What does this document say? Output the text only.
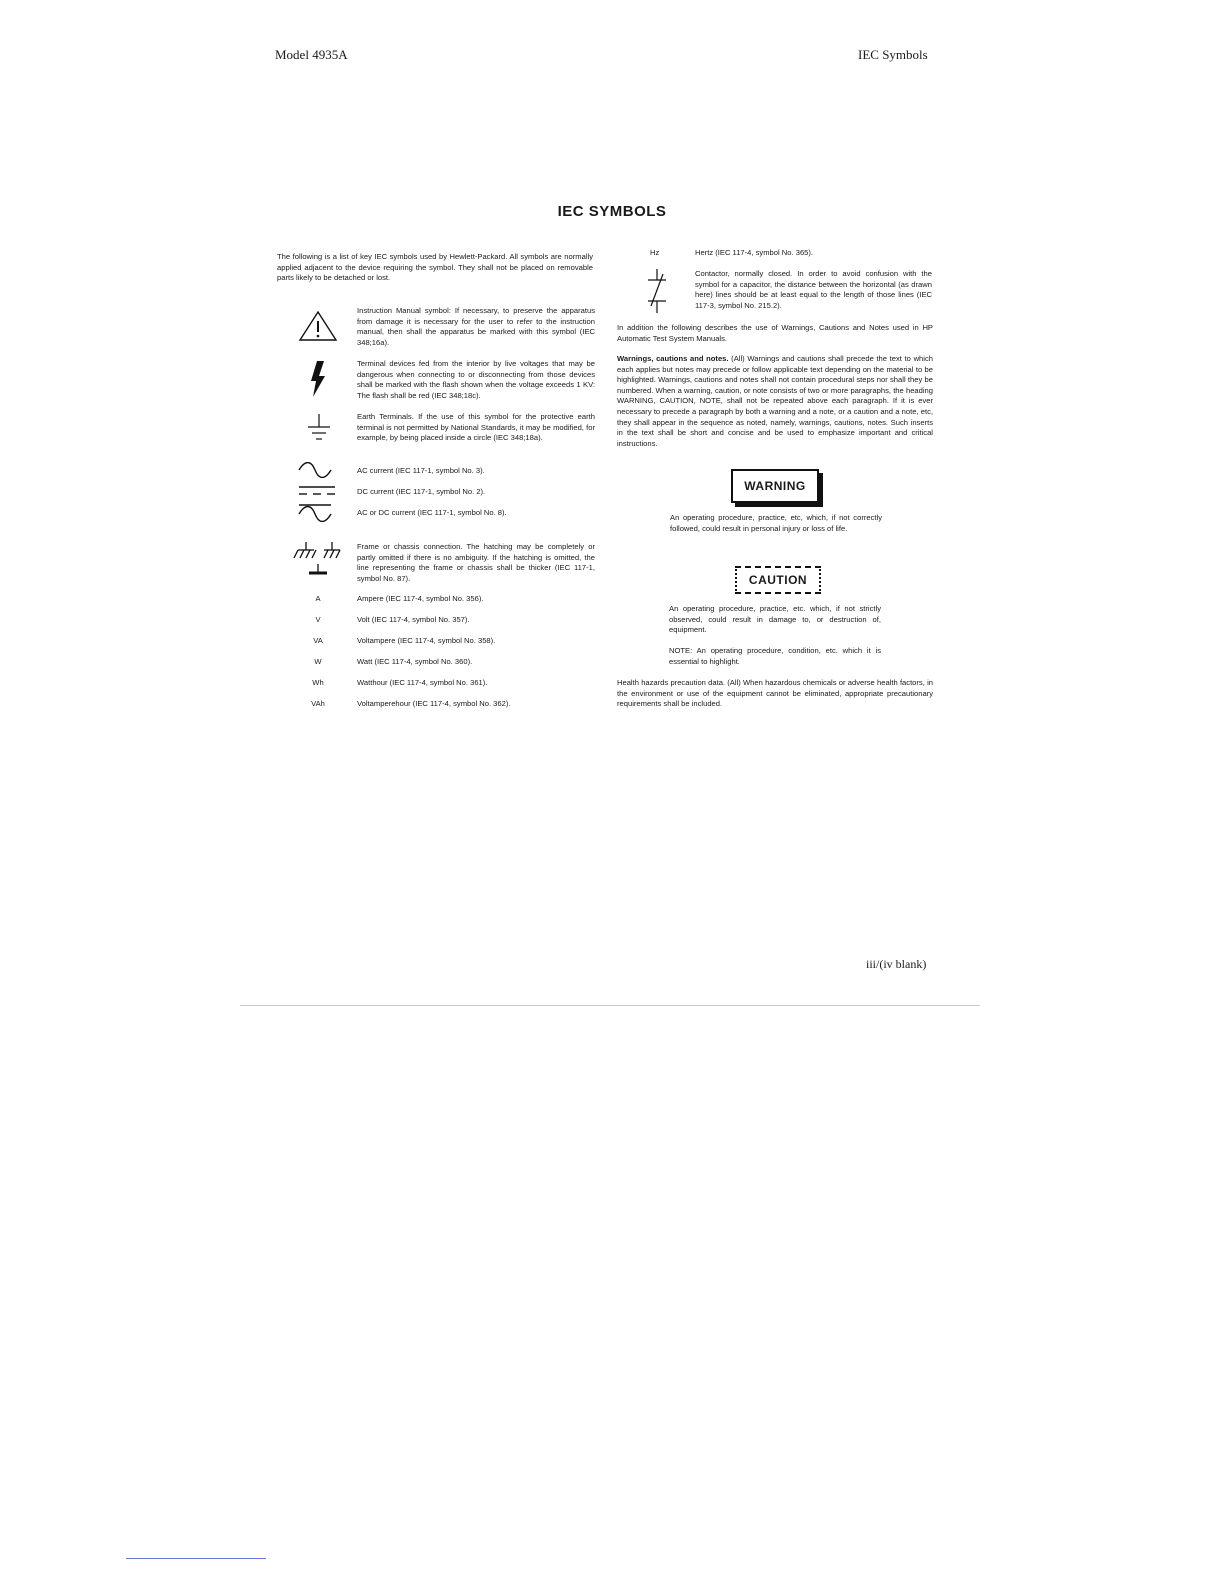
Model 4935A	IEC Symbols
IEC SYMBOLS
The following is a list of key IEC symbols used by Hewlett-Packard. All symbols are normally applied adjacent to the device requiring the symbol. They shall not be placed on removable parts likely to be detached or lost.
Instruction Manual symbol: If necessary, to preserve the apparatus from damage it is necessary for the user to refer to the instruction manual, then shall the apparatus be marked with this symbol (IEC 348;16a).
Terminal devices fed from the interior by live voltages that may be dangerous when connecting to or disconnecting from those devices shall be marked with the flash shown when the voltage exceeds 1 KV: The flash shall be red (IEC 348;18c).
Earth Terminals. If the use of this symbol for the protective earth terminal is not permitted by National Standards, it may be modified, for example, by being placed inside a circle (IEC 348;18a).
AC current (IEC 117-1, symbol No. 3).
DC current (IEC 117-1, symbol No. 2).
AC or DC current (IEC 117-1, symbol No. 8).
Frame or chassis connection. The hatching may be completely or partly omitted if there is no ambiguity. If the hatching is omitted, the line representing the frame or chassis shall be thicker (IEC 117-1, symbol No. 87).
A	Ampere (IEC 117-4, symbol No. 356).
V	Volt (IEC 117-4, symbol No. 357).
VA	Voltampere (IEC 117-4, symbol No. 358).
W	Watt (IEC 117-4, symbol No. 360).
Wh	Watthour (IEC 117-4, symbol No. 361).
VAh	Voltamperehour (IEC 117-4, symbol No. 362).
Hz	Hertz (IEC 117-4, symbol No. 365).
Contactor, normally closed. In order to avoid confusion with the symbol for a capacitor, the distance between the horizontal (as drawn here) lines should be at least equal to the length of those lines (IEC 117-3, symbol No. 215.2).
In addition the following describes the use of Warnings, Cautions and Notes used in HP Automatic Test System Manuals.
Warnings, cautions and notes. (All) Warnings and cautions shall precede the text to which each applies but notes may precede or follow applicable text depending on the material to be highlighted. Warnings, cautions and notes shall not contain procedural steps nor shall they be numbered. When a warning, caution, or note consists of two or more paragraphs, the heading WARNING, CAUTION, NOTE, shall not be repeated above each paragraph. If it is ever necessary to precede a paragraph by both a warning and a note, or a caution and a note, etc, they shall appear in the sequence as noted, namely, warnings, cautions, notes. Such inserts in the text shall be short and concise and be used to emphasize important and critical instructions.
WARNING
An operating procedure, practice, etc, which, if not correctly followed, could result in personal injury or loss of life.
CAUTION
An operating procedure, practice, etc. which, if not strictly observed, could result in damage to, or destruction of, equipment.
NOTE: An operating procedure, condition, etc. which it is essential to highlight.
Health hazards precaution data. (All) When hazardous chemicals or adverse health factors, in the environment or use of the equipment cannot be eliminated, appropriate precautionary requirements shall be included.
iii/(iv blank)
